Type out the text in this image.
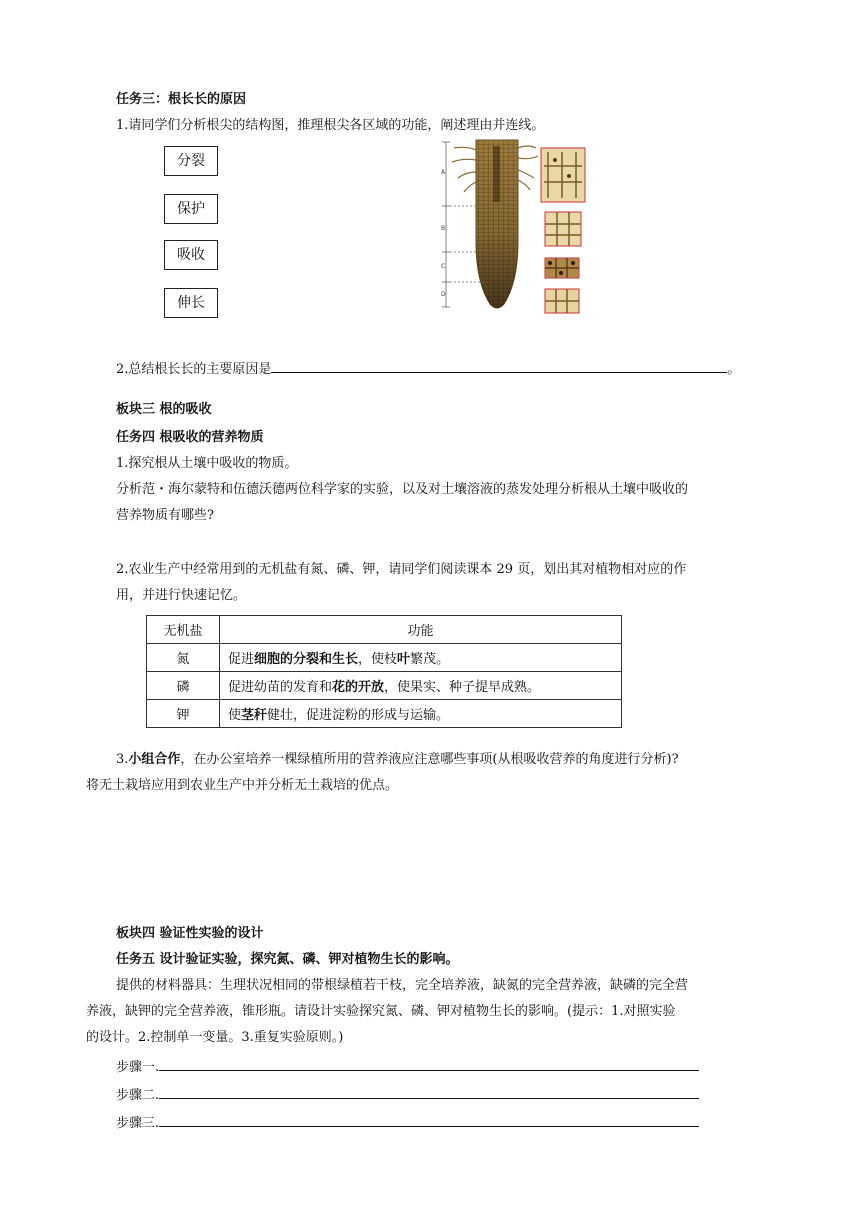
任务三：根长长的原因
1.请同学们分析根尖的结构图，推理根尖各区域的功能，阐述理由并连线。
分裂
保护
吸收
伸长
A
B
C
D
2.总结根长长的主要原因是	。
板块三 根的吸收
任务四 根吸收的营养物质
1.探究根从土壤中吸收的物质。
分析范・海尔蒙特和伍德沃德两位科学家的实验，以及对土壤溶液的蒸发处理分析根从土壤中吸收的
营养物质有哪些?
2.农业生产中经常用到的无机盐有氮、磷、钾，请同学们阅读课本 29 页，划出其对植物相对应的作
用，并进行快速记忆。
无机盐	功能
氮	促进细胞的分裂和生长，使枝叶繁茂。
磷	促进幼苗的发育和花的开放，使果实、种子提早成熟。
钾	使茎秆健壮，促进淀粉的形成与运输。
3.小组合作，在办公室培养一棵绿植所用的营养液应注意哪些事项(从根吸收营养的角度进行分析)?
将无土栽培应用到农业生产中并分析无土栽培的优点。
板块四 验证性实验的设计
任务五 设计验证实验，探究氮、磷、钾对植物生长的影响。
提供的材料器具：生理状况相同的带根绿植若干枝，完全培养液，缺氮的完全营养液，缺磷的完全营
养液，缺钾的完全营养液，锥形瓶。请设计实验探究氮、磷、钾对植物生长的影响。(提示：1.对照实验
的设计。2.控制单一变量。3.重复实验原则。)
步骤一.
步骤二.
步骤三.
